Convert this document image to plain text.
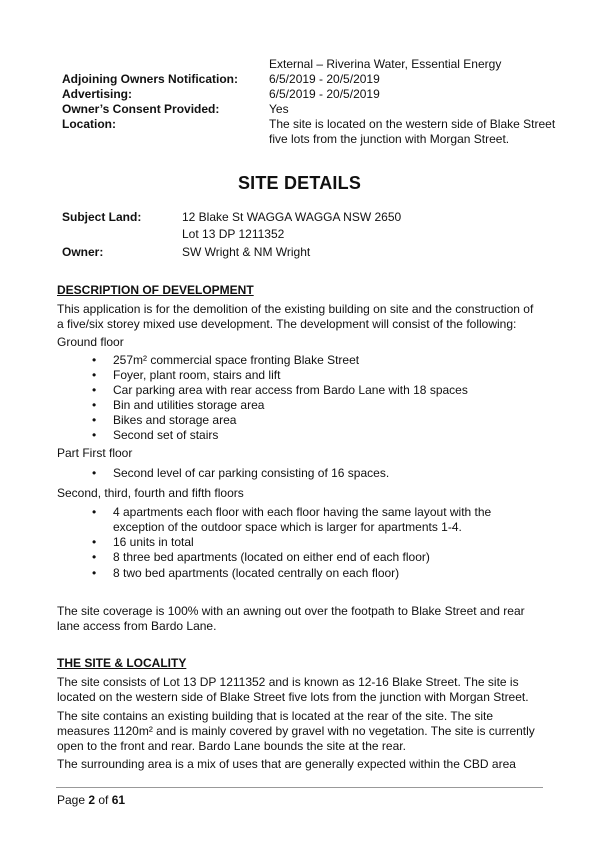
External – Riverina Water, Essential Energy
Adjoining Owners Notification:	6/5/2019 - 20/5/2019
Advertising:	6/5/2019 - 20/5/2019
Owner’s Consent Provided:	Yes
Location:	The site is located on the western side of Blake Street
five lots from the junction with Morgan Street.
SITE DETAILS
Subject Land:	12 Blake St WAGGA WAGGA NSW 2650
Lot 13 DP 1211352
Owner:	SW Wright & NM Wright
DESCRIPTION OF DEVELOPMENT
This application is for the demolition of the existing building on site and the construction of
a five/six storey mixed use development. The development will consist of the following:
Ground floor
• 257m² commercial space fronting Blake Street
• Foyer, plant room, stairs and lift
• Car parking area with rear access from Bardo Lane with 18 spaces
• Bin and utilities storage area
• Bikes and storage area
• Second set of stairs
Part First floor
• Second level of car parking consisting of 16 spaces.
Second, third, fourth and fifth floors
• 4 apartments each floor with each floor having the same layout with the
exception of the outdoor space which is larger for apartments 1-4.
• 16 units in total
• 8 three bed apartments (located on either end of each floor)
• 8 two bed apartments (located centrally on each floor)
The site coverage is 100% with an awning out over the footpath to Blake Street and rear
lane access from Bardo Lane.
THE SITE & LOCALITY
The site consists of Lot 13 DP 1211352 and is known as 12-16 Blake Street. The site is
located on the western side of Blake Street five lots from the junction with Morgan Street.
The site contains an existing building that is located at the rear of the site. The site
measures 1120m² and is mainly covered by gravel with no vegetation. The site is currently
open to the front and rear. Bardo Lane bounds the site at the rear.
The surrounding area is a mix of uses that are generally expected within the CBD area
Page 2 of 61
